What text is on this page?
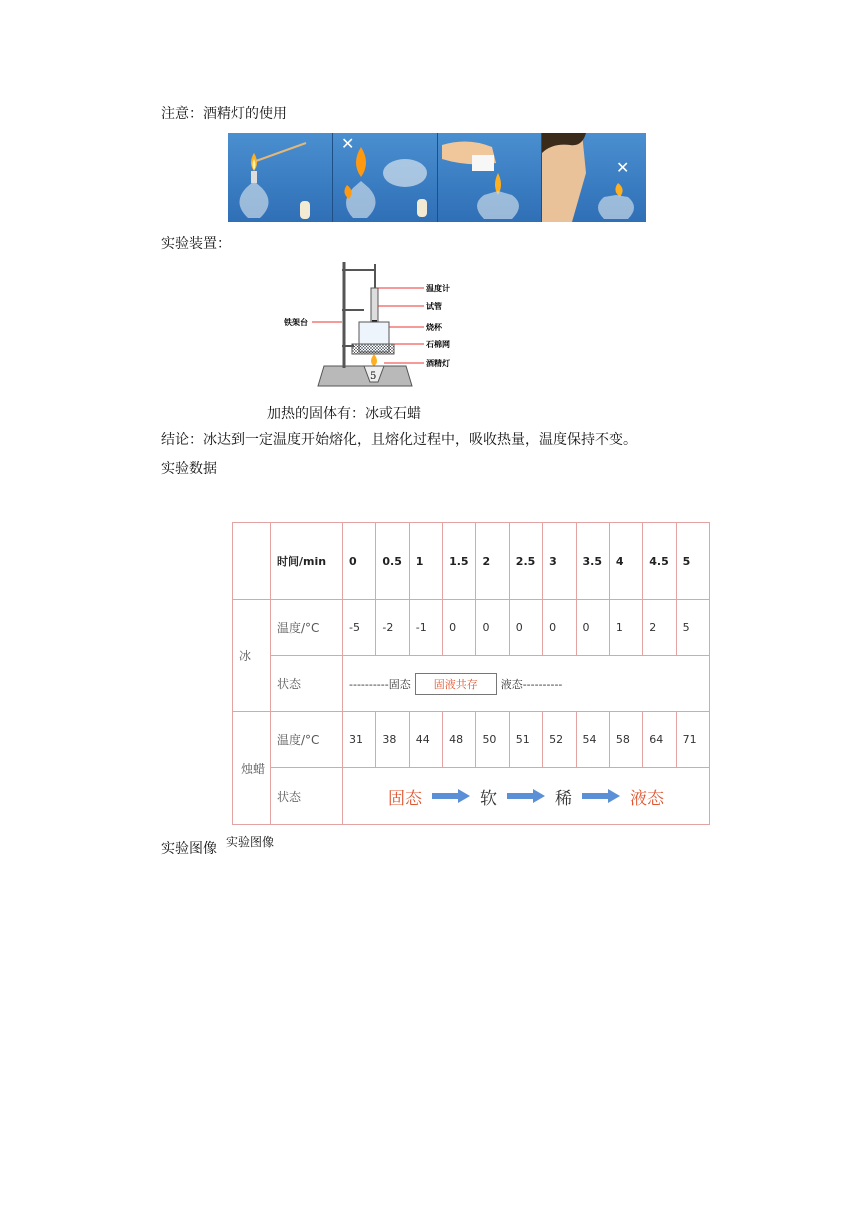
注意：酒精灯的使用
✕
✕
实验装置：
5
温度计
试管
烧杯
石棉网
酒精灯
铁架台
加热的固体有：冰或石蜡
结论：冰达到一定温度开始熔化，且熔化过程中，吸收热量，温度保持不变。
实验数据
	时间/min	0	0.5	1	1.5	2	2.5	3	3.5	4	4.5	5
冰	温度/°C	-5	-2	-1	0	0	0	0	0	1	2	5
	状态	----------固态 固液共存 液态----------										
烛蜡	温度/°C	31	38	44	48	50	51	52	54	58	64	71
	状态	固态 软 稀 液态										
实验图像 实验图像
